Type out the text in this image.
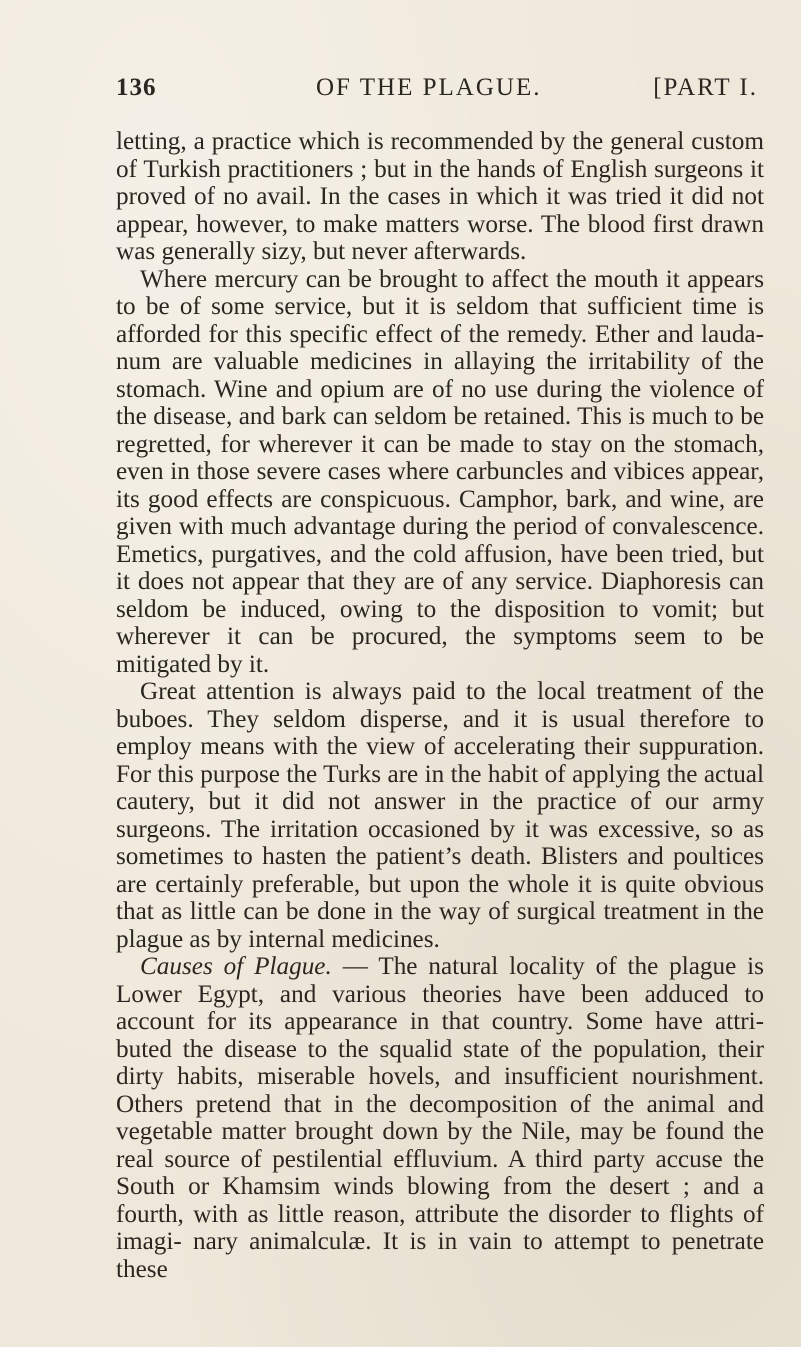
136	OF THE PLAGUE.	[PART I.

letting, a practice which is recommended by the general custom of Turkish practitioners ; but in the hands of English surgeons it proved of no avail. In the cases in which it was tried it did not appear, however, to make matters worse. The blood first drawn was generally sizy, but never afterwards.

Where mercury can be brought to affect the mouth it appears to be of some service, but it is seldom that sufficient time is afforded for this specific effect of the remedy. Ether and lauda- num are valuable medicines in allaying the irritability of the stomach. Wine and opium are of no use during the violence of the disease, and bark can seldom be retained. This is much to be regretted, for wherever it can be made to stay on the stomach, even in those severe cases where carbuncles and vibices appear, its good effects are conspicuous. Camphor, bark, and wine, are given with much advantage during the period of convalescence. Emetics, purgatives, and the cold affusion, have been tried, but it does not appear that they are of any service. Diaphoresis can seldom be induced, owing to the disposition to vomit; but wherever it can be procured, the symptoms seem to be mitigated by it.

Great attention is always paid to the local treatment of the buboes. They seldom disperse, and it is usual therefore to employ means with the view of accelerating their suppuration. For this purpose the Turks are in the habit of applying the actual cautery, but it did not answer in the practice of our army surgeons. The irritation occasioned by it was excessive, so as sometimes to hasten the patient’s death. Blisters and poultices are certainly preferable, but upon the whole it is quite obvious that as little can be done in the way of surgical treatment in the plague as by internal medicines.

Causes of Plague. — The natural locality of the plague is Lower Egypt, and various theories have been adduced to account for its appearance in that country. Some have attri- buted the disease to the squalid state of the population, their dirty habits, miserable hovels, and insufficient nourishment. Others pretend that in the decomposition of the animal and vegetable matter brought down by the Nile, may be found the real source of pestilential effluvium. A third party accuse the South or Khamsim winds blowing from the desert ; and a fourth, with as little reason, attribute the disorder to flights of imagi- nary animalculæ. It is in vain to attempt to penetrate these
